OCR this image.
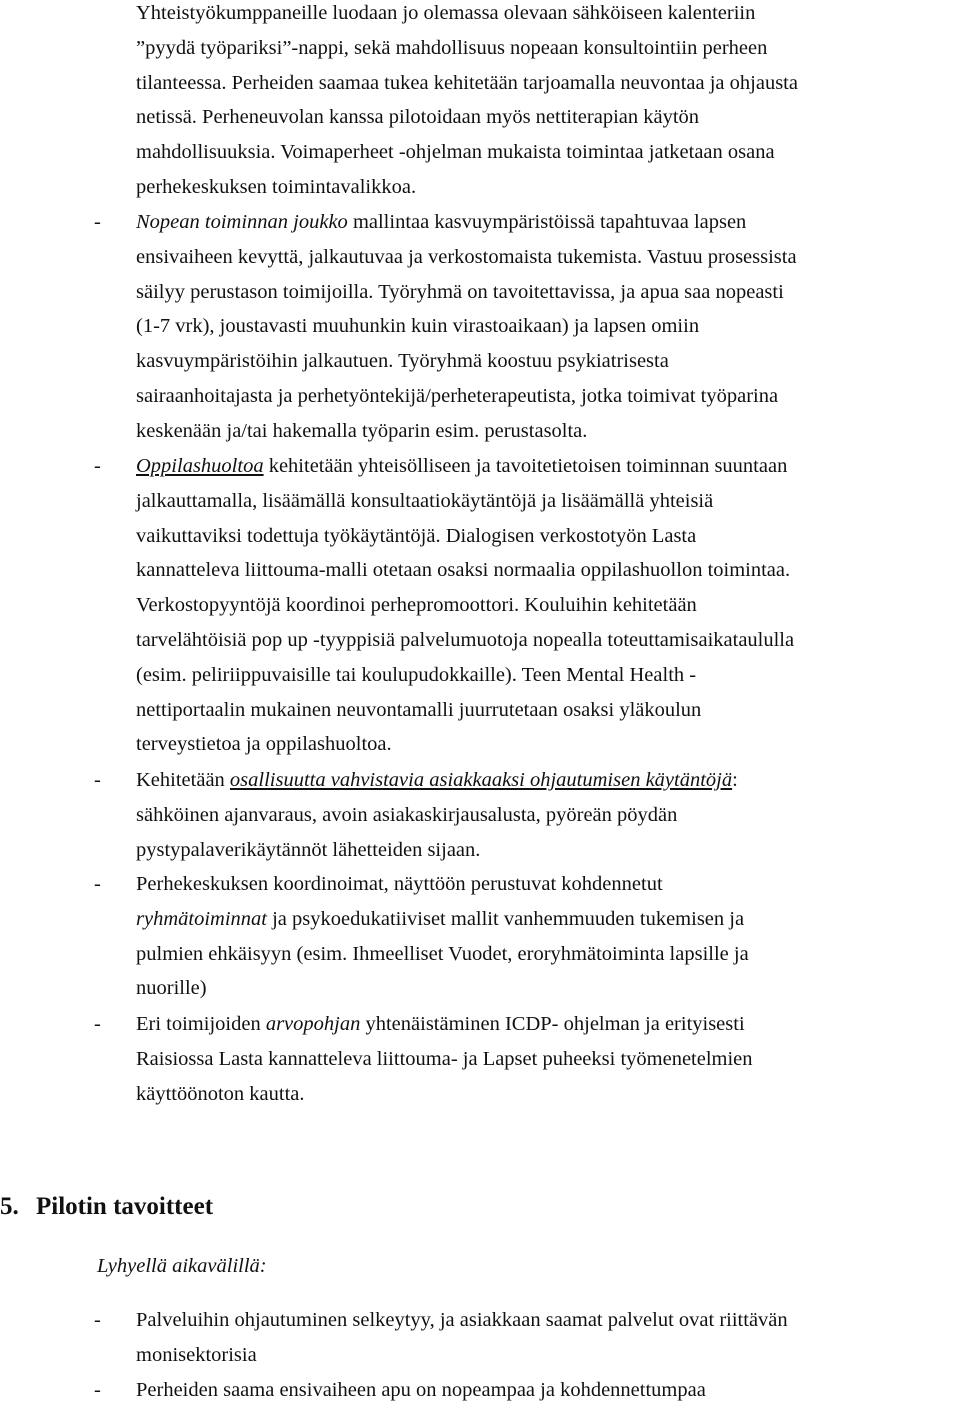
Yhteistyökumppaneille luodaan jo olemassa olevaan sähköiseen kalenteriin
”pyydä työpariksi”-nappi, sekä mahdollisuus nopeaan konsultointiin perheen
tilanteessa. Perheiden saamaa tukea kehitetään tarjoamalla neuvontaa ja ohjausta
netissä. Perheneuvolan kanssa pilotoidaan myös nettiterapian käytön
mahdollisuuksia. Voimaperheet -ohjelman mukaista toimintaa jatketaan osana
perhekeskuksen toimintavalikkoa.
- Nopean toiminnan joukko mallintaa kasvuympäristöissä tapahtuvaa lapsen
ensivaiheen kevyttä, jalkautuvaa ja verkostomaista tukemista. Vastuu prosessista
säilyy perustason toimijoilla. Työryhmä on tavoitettavissa, ja apua saa nopeasti
(1-7 vrk), joustavasti muuhunkin kuin virastoaikaan) ja lapsen omiin
kasvuympäristöihin jalkautuen. Työryhmä koostuu psykiatrisesta
sairaanhoitajasta ja perhetyöntekijä/perheterapeutista, jotka toimivat työparina
keskenään ja/tai hakemalla työparin esim. perustasolta.
- Oppilashuoltoa kehitetään yhteisölliseen ja tavoitetietoisen toiminnan suuntaan
jalkauttamalla, lisäämällä konsultaatiokäytäntöjä ja lisäämällä yhteisiä
vaikuttaviksi todettuja työkäytäntöjä. Dialogisen verkostotyön Lasta
kannatteleva liittouma-malli otetaan osaksi normaalia oppilashuollon toimintaa.
Verkostopyyntöjä koordinoi perhepromoottori. Kouluihin kehitetään
tarvelähtöisiä pop up -tyyppisiä palvelumuotoja nopealla toteuttamisaikataululla
(esim. peliriippuvaisille tai koulupudokkaille). Teen Mental Health -
nettiportaalin mukainen neuvontamalli juurrutetaan osaksi yläkoulun
terveystietoa ja oppilashuoltoa.
- Kehitetään osallisuutta vahvistavia asiakkaaksi ohjautumisen käytäntöjä:
sähköinen ajanvaraus, avoin asiakaskirjausalusta, pyöreän pöydän
pystypalaverikäytännöt lähetteiden sijaan.
- Perhekeskuksen koordinoimat, näyttöön perustuvat kohdennetut
ryhmätoiminnat ja psykoedukatiiviset mallit vanhemmuuden tukemisen ja
pulmien ehkäisyyn (esim. Ihmeelliset Vuodet, eroryhmätoiminta lapsille ja
nuorille)
- Eri toimijoiden arvopohjan yhtenäistäminen ICDP- ohjelman ja erityisesti
Raisiossa Lasta kannatteleva liittouma- ja Lapset puheeksi työmenetelmien
käyttöönoton kautta.
5. Pilotin tavoitteet
Lyhyellä aikavälillä:
- Palveluihin ohjautuminen selkeytyy, ja asiakkaan saamat palvelut ovat riittävän
monisektorisia
- Perheiden saama ensivaiheen apu on nopeampaa ja kohdennettumpaa
